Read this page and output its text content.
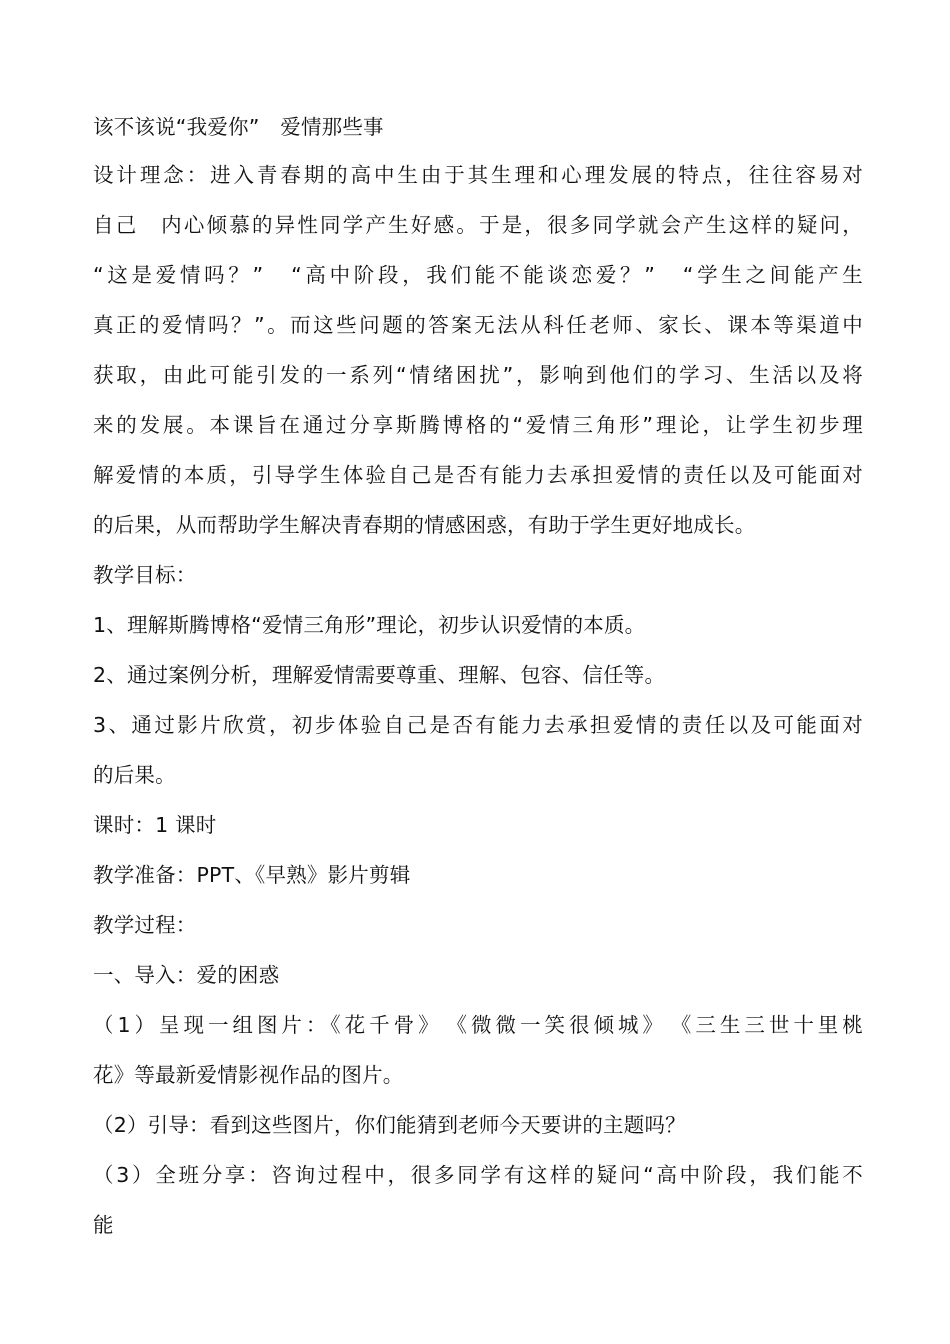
该不该说“我爱你”　爱情那些事
设计理念：进入青春期的高中生由于其生理和心理发展的特点，往往容易对
自己　内心倾慕的异性同学产生好感。于是，很多同学就会产生这样的疑问，
“这是爱情吗？”　“高中阶段，我们能不能谈恋爱？”　“学生之间能产生
真正的爱情吗？”。而这些问题的答案无法从科任老师、家长、课本等渠道中
获取，由此可能引发的一系列“情绪困扰”，影响到他们的学习、生活以及将
来的发展。本课旨在通过分享斯腾博格的“爱情三角形”理论，让学生初步理
解爱情的本质，引导学生体验自己是否有能力去承担爱情的责任以及可能面对
的后果，从而帮助学生解决青春期的情感困惑，有助于学生更好地成长。
教学目标：
1、理解斯腾博格“爱情三角形”理论，初步认识爱情的本质。
2、通过案例分析，理解爱情需要尊重、理解、包容、信任等。
3、通过影片欣赏，初步体验自己是否有能力去承担爱情的责任以及可能面对
的后果。
课时：1 课时
教学准备：PPT、《早熟》影片剪辑
教学过程：
一、导入：爱的困惑
（1）呈现一组图片：《花千骨》　《微微一笑很倾城》　《三生三世十里桃
花》等最新爱情影视作品的图片。
（2）引导：看到这些图片，你们能猜到老师今天要讲的主题吗？
（3）全班分享：咨询过程中，很多同学有这样的疑问“高中阶段，我们能不
能
